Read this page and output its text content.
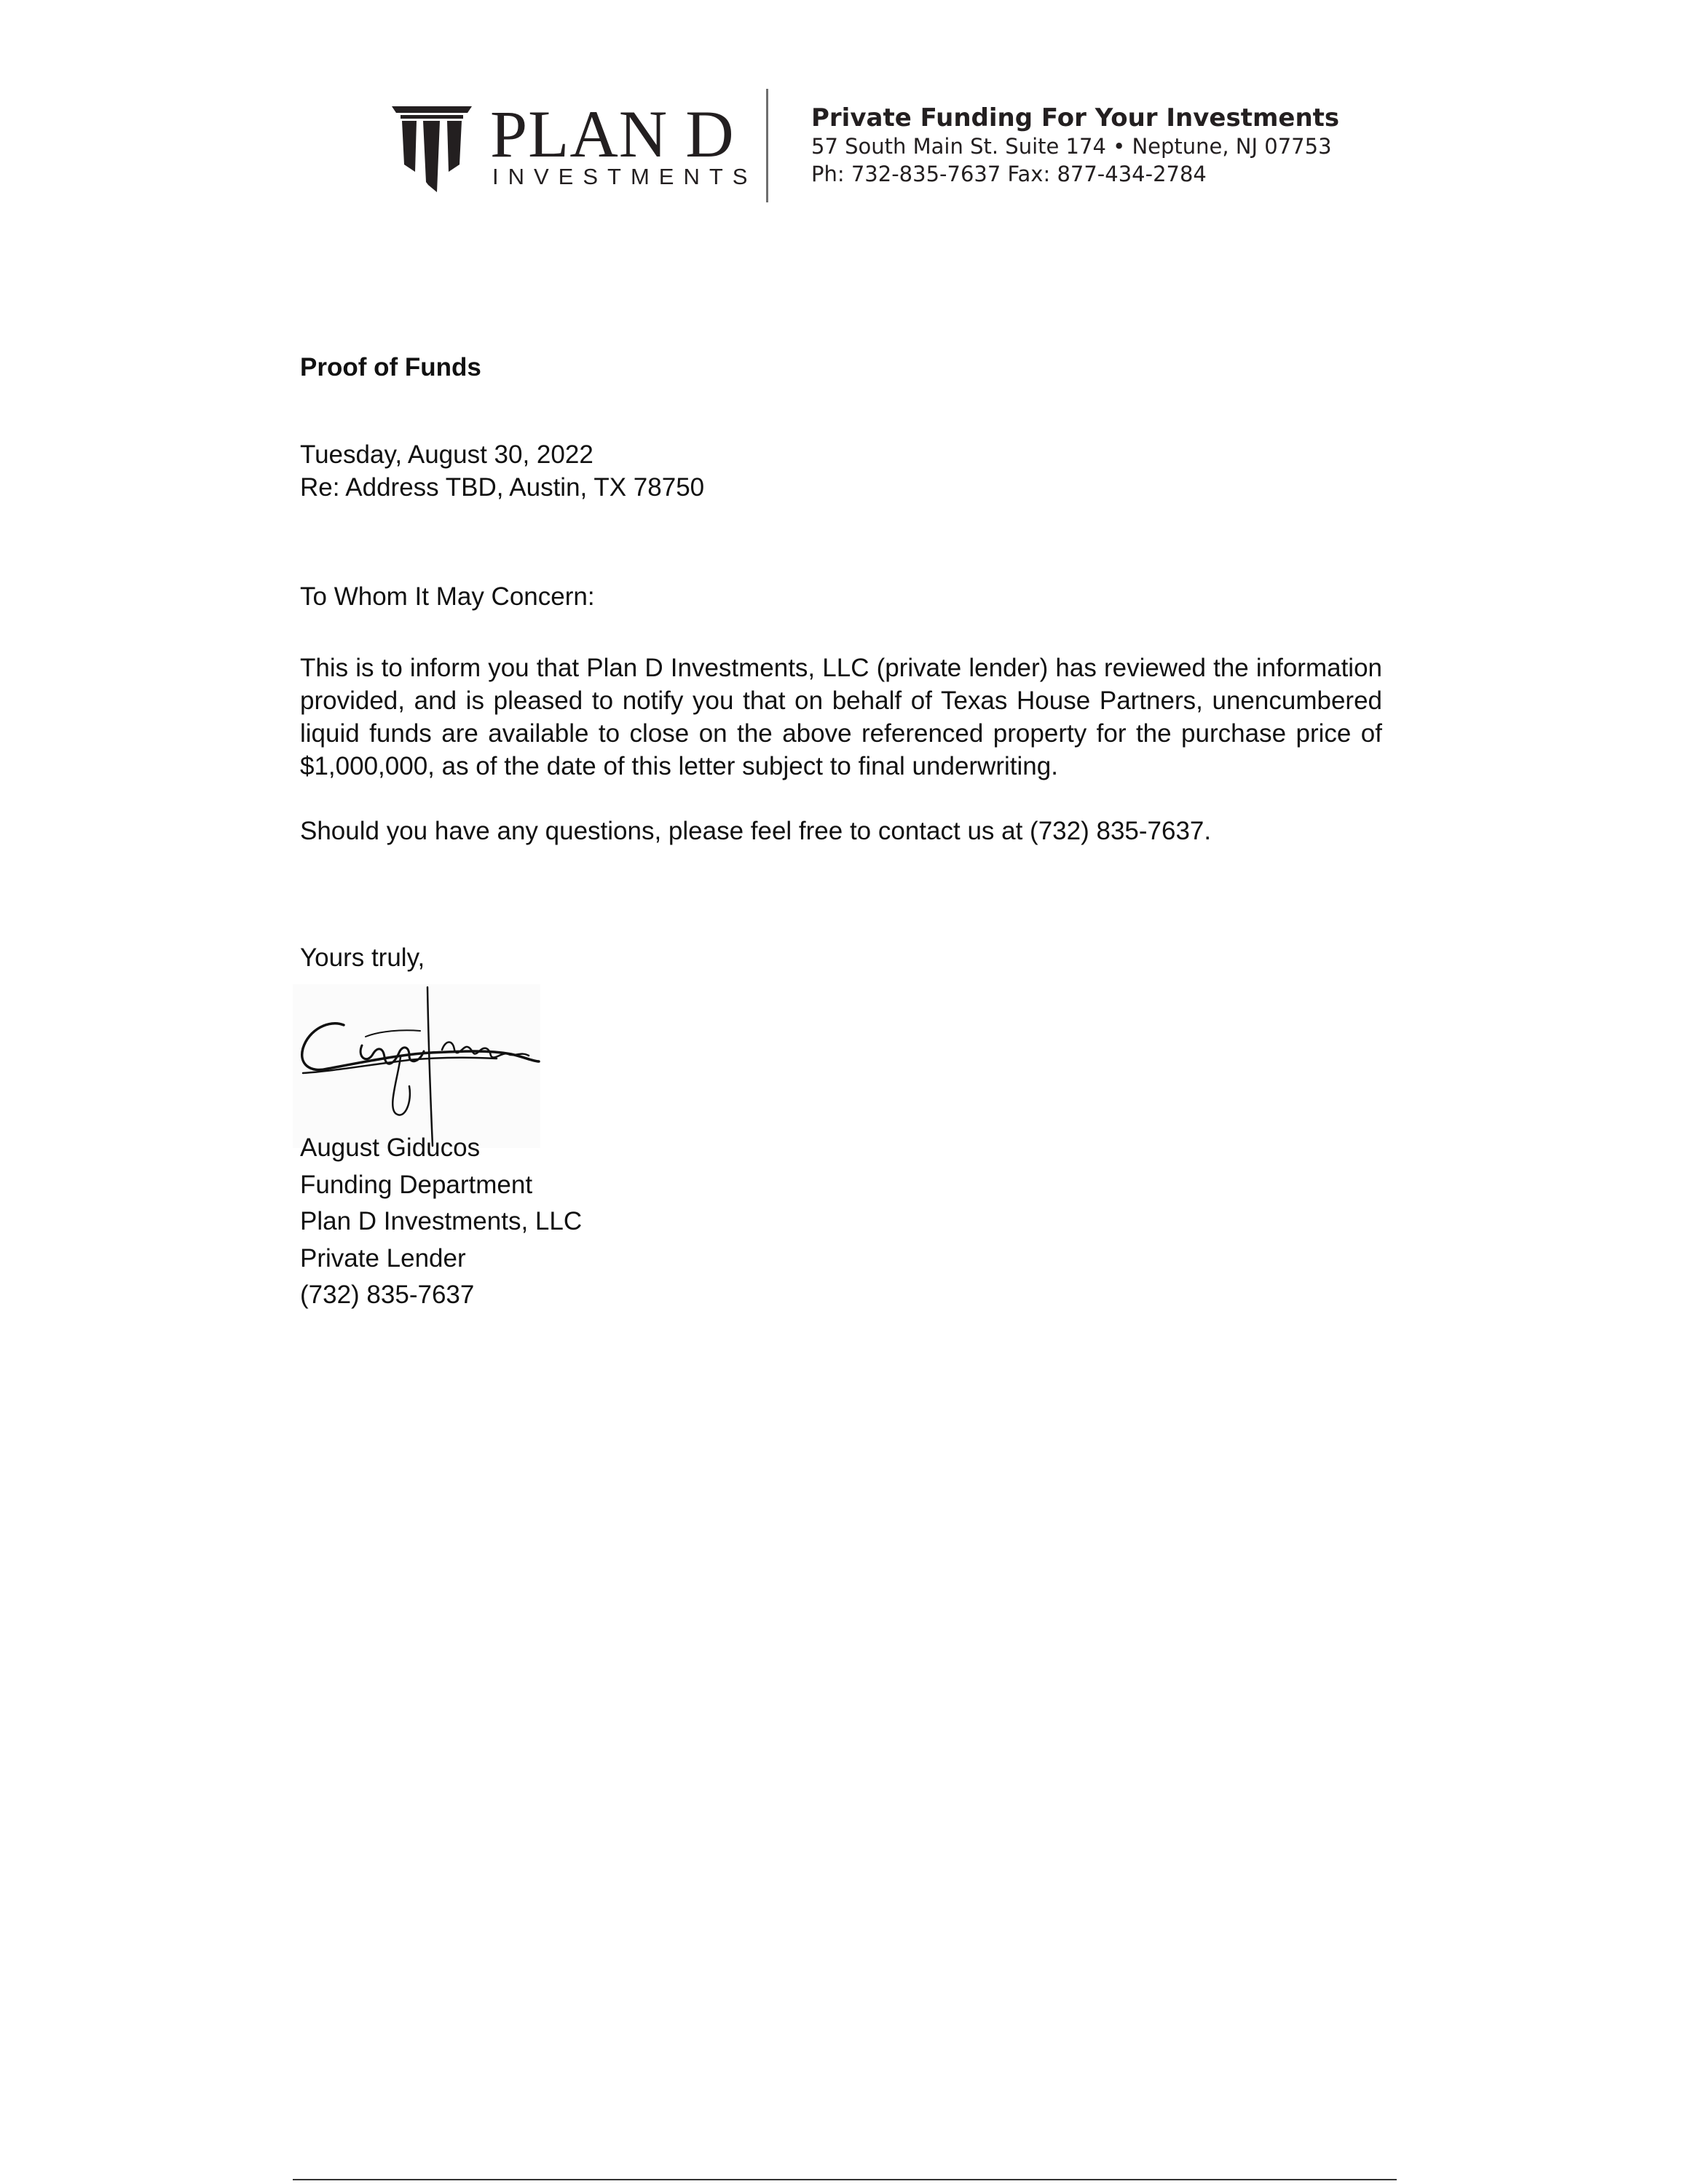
PLAN D
INVESTMENTS
Private Funding For Your Investments
57 South Main St. Suite 174 • Neptune, NJ 07753
Ph: 732-835-7637 Fax: 877-434-2784
Proof of Funds
Tuesday, August 30, 2022
Re: Address TBD, Austin, TX 78750
To Whom It May Concern:
This is to inform you that Plan D Investments, LLC (private lender) has reviewed the information provided, and is pleased to notify you that on behalf of Texas House Partners, unencumbered liquid funds are available to close on the above referenced property for the purchase price of $1,000,000, as of the date of this letter subject to final underwriting.
Should you have any questions, please feel free to contact us at (732) 835-7637.
Yours truly,
August Giducos
Funding Department
Plan D Investments, LLC
Private Lender
(732) 835-7637
